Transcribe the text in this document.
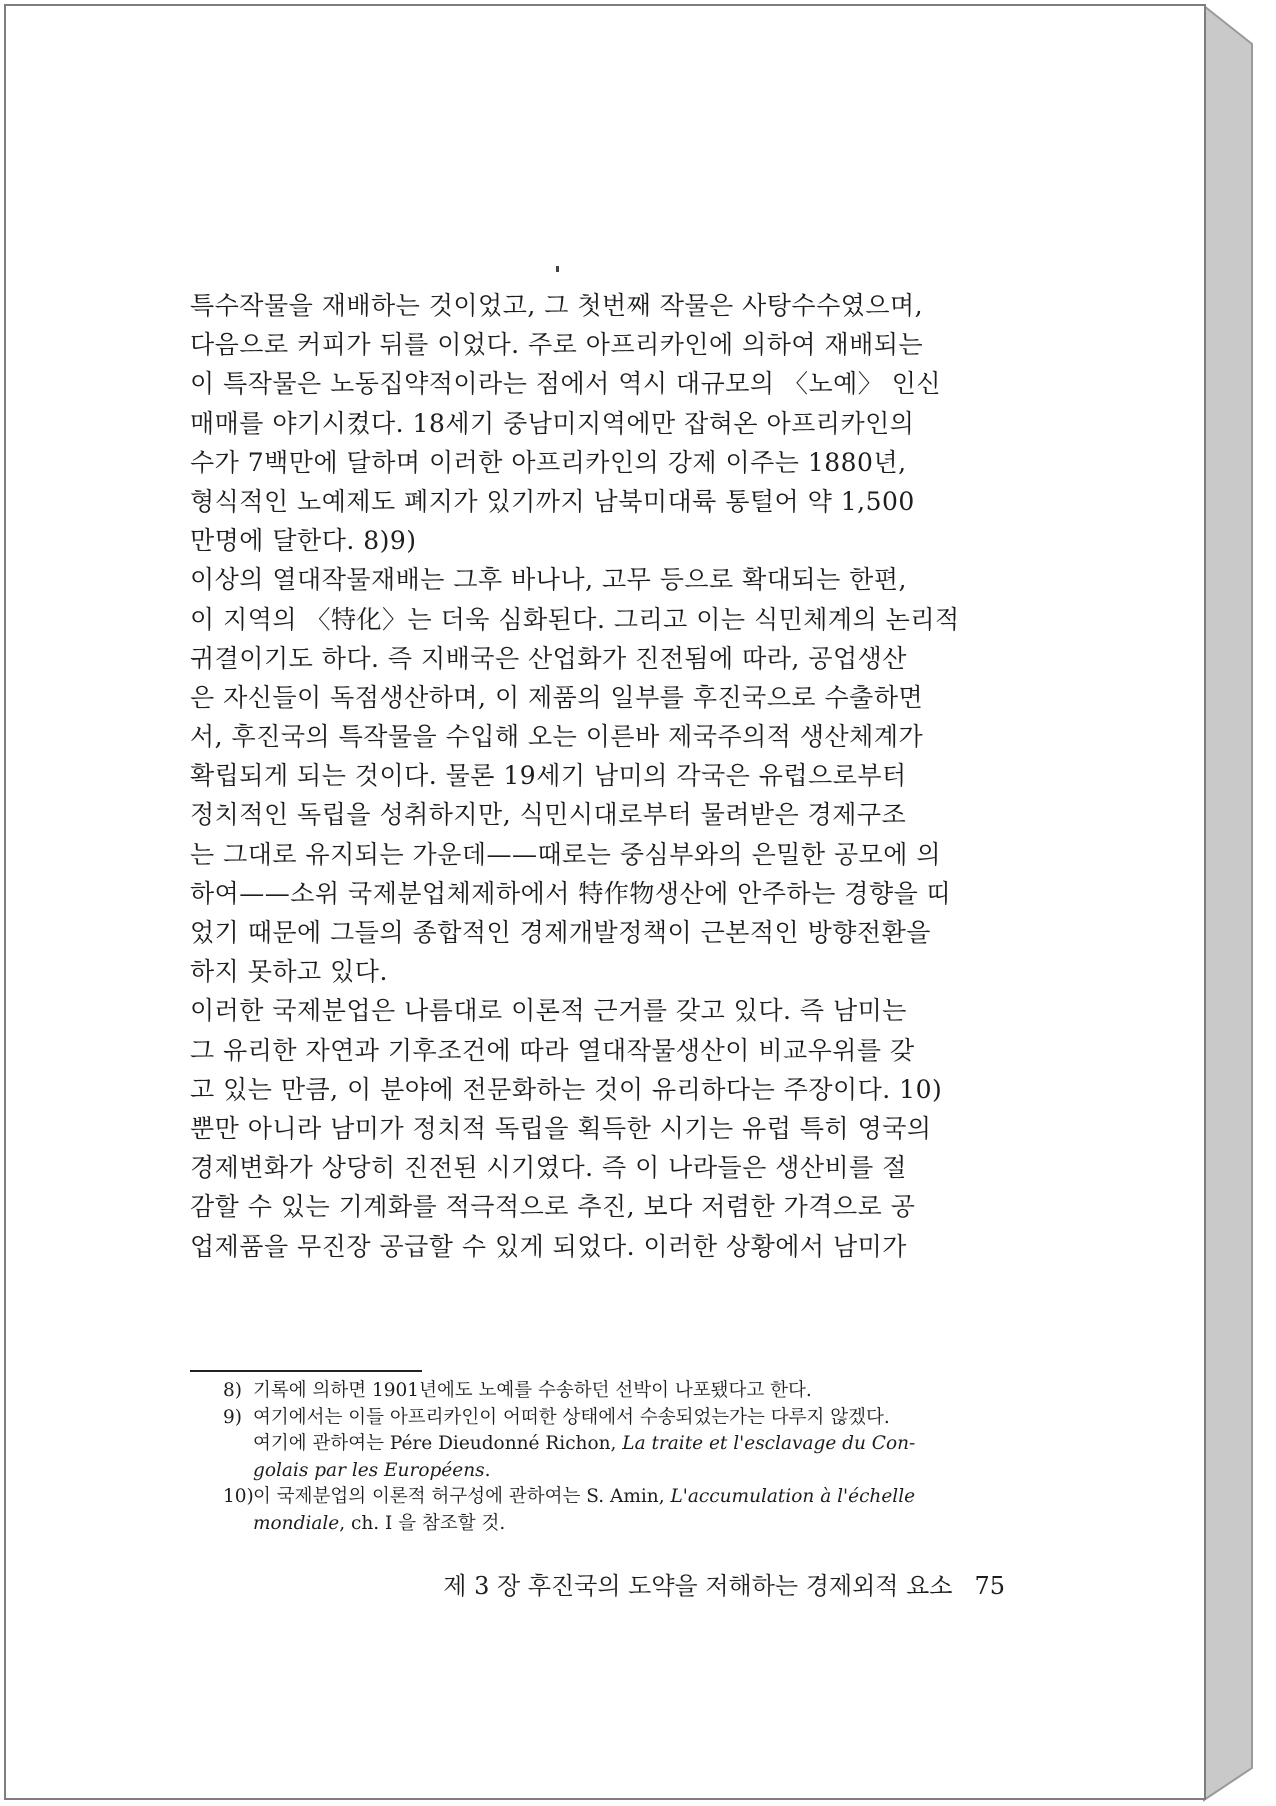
특수작물을 재배하는 것이었고, 그 첫번째 작물은 사탕수수였으며,
다음으로 커피가 뒤를 이었다. 주로 아프리카인에 의하여 재배되는
이 특작물은 노동집약적이라는 점에서 역시 대규모의 〈노예〉 인신
매매를 야기시켰다. 18세기 중남미지역에만 잡혀온 아프리카인의
수가 7백만에 달하며 이러한 아프리카인의 강제 이주는 1880년,
형식적인 노예제도 폐지가 있기까지 남북미대륙 통털어 약 1,500
만명에 달한다. 8)9)
이상의 열대작물재배는 그후 바나나, 고무 등으로 확대되는 한편,
이 지역의 〈特化〉는 더욱 심화된다. 그리고 이는 식민체계의 논리적
귀결이기도 하다. 즉 지배국은 산업화가 진전됨에 따라, 공업생산
은 자신들이 독점생산하며, 이 제품의 일부를 후진국으로 수출하면
서, 후진국의 특작물을 수입해 오는 이른바 제국주의적 생산체계가
확립되게 되는 것이다. 물론 19세기 남미의 각국은 유럽으로부터
정치적인 독립을 성취하지만, 식민시대로부터 물려받은 경제구조
는 그대로 유지되는 가운데——때로는 중심부와의 은밀한 공모에 의
하여——소위 국제분업체제하에서 特作物생산에 안주하는 경향을 띠
었기 때문에 그들의 종합적인 경제개발정책이 근본적인 방향전환을
하지 못하고 있다.
이러한 국제분업은 나름대로 이론적 근거를 갖고 있다. 즉 남미는
그 유리한 자연과 기후조건에 따라 열대작물생산이 비교우위를 갖
고 있는 만큼, 이 분야에 전문화하는 것이 유리하다는 주장이다. 10)
뿐만 아니라 남미가 정치적 독립을 획득한 시기는 유럽 특히 영국의
경제변화가 상당히 진전된 시기였다. 즉 이 나라들은 생산비를 절
감할 수 있는 기계화를 적극적으로 추진, 보다 저렴한 가격으로 공
업제품을 무진장 공급할 수 있게 되었다. 이러한 상황에서 남미가
8) 기록에 의하면 1901년에도 노예를 수송하던 선박이 나포됐다고 한다.
9) 여기에서는 이들 아프리카인이 어떠한 상태에서 수송되었는가는 다루지 않겠다.
여기에 관하여는 Pére Dieudonné Richon, La traite et l'esclavage du Con-
golais par les Européens.
10)이 국제분업의 이론적 허구성에 관하여는 S. Amin, L'accumulation à l'échelle
mondiale, ch. I 을 참조할 것.
제 3 장 후진국의 도약을 저해하는 경제외적 요소 75
